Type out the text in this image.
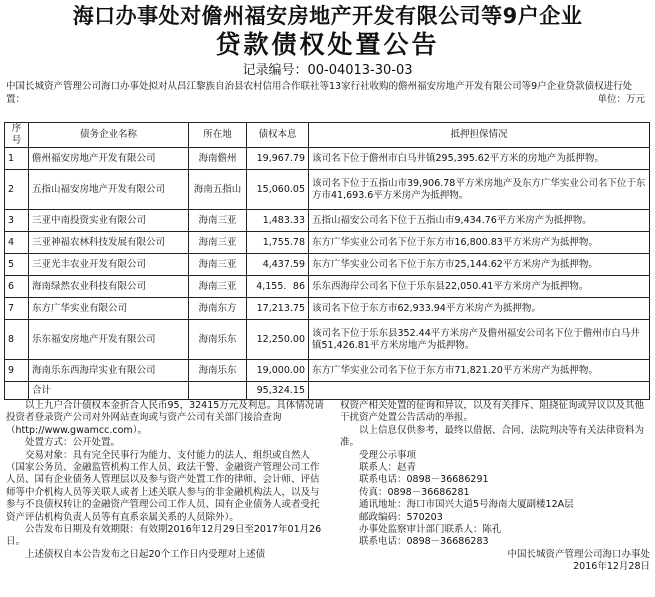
海口办事处对儋州福安房地产开发有限公司等9户企业
贷款债权处置公告
记录编号：00-04013-30-03
中国长城资产管理公司海口办事处拟对从昌江黎族自治县农村信用合作联社等13家行社收购的儋州福安房地产开发有限公司等9户企业贷款债权进行处置：	单位：万元
序号	债务企业名称	所在地	债权本息	抵押担保情况
1	儋州福安房地产开发有限公司	海南儋州	19,967.79	该司名下位于儋州市白马井镇295,395.62平方米的房地产为抵押物。
2	五指山福安房地产开发有限公司	海南五指山	15,060.05	该司名下位于五指山市39,906.78平方米房地产及东方广华实业公司名下位于东方市41,693.6平方米房产为抵押物。
3	三亚中南投资实业有限公司	海南三亚	1,483.33	五指山福安公司名下位于五指山市9,434.76平方米房产为抵押物。
4	三亚神福农林科技发展有限公司	海南三亚	1,755.78	东方广华实业公司名下位于东方市16,800.83平方米房产为抵押物。
5	三亚光丰农业开发有限公司	海南三亚	4,437.59	东方广华实业公司名下位于东方市25,144.62平方米房产为抵押物。
6	海南绿然农业科技有限公司	海南三亚	4,155．86	乐东西海岸公司名下位于乐东县22,050.41平方米房产为抵押物。
7	东方广华实业有限公司	海南东方	17,213.75	该司名下位于东方市62,933.94平方米房产为抵押物。
8	乐东福安房地产开发有限公司	海南乐东	12,250.00	该司名下位于乐东县352.44平方米房产及儋州福安公司名下位于儋州市白马井镇51,426.81平方米房地产为抵押物。
9	海南乐东西海岸实业有限公司	海南乐东	19,000.00	东方广华实业公司名下位于东方市71,821.20平方米房产为抵押物。
	合计		95,324.15	

以上九户合计债权本金折合人民币95，32415万元及利息。具体情况请投资者登录资产公司对外网站查询或与资产公司有关部门接洽查询（http://www.gwamcc.com）。

处置方式：公开处置。

交易对象：具有完全民事行为能力、支付能力的法人、组织或自然人（国家公务员、金融监管机构工作人员、政法干警、金融资产管理公司工作人员、国有企业债务人管理层以及参与资产处置工作的律师、会计师、评估师等中介机构人员等关联人或者上述关联人参与的非金融机构法人，以及与参与不良债权转让的金融资产管理公司工作人员、国有企业债务人或者受托资产评估机构负责人员等有直系亲属关系的人员除外）。

公告发布日期及有效期限：有效期2016年12月29日至2017年01月26日。

上述债权自本公告发布之日起20个工作日内受理对上述债

权资产相关处置的征询和异议，以及有关排斥、阻挠征询或异议以及其他干扰资产处置公告活动的举报。

以上信息仅供参考，最终以借据、合同、法院判决等有关法律资料为准。

受理公示事项

联系人：赵青

联系电话：0898－36686291

传真：0898－36686281

通讯地址：海口市国兴大道5号海南大厦副楼12A层

邮政编码：570203

办事处监察审计部门联系人：陈孔

联系电话：0898－36686283

中国长城资产管理公司海口办事处

2016年12月28日
